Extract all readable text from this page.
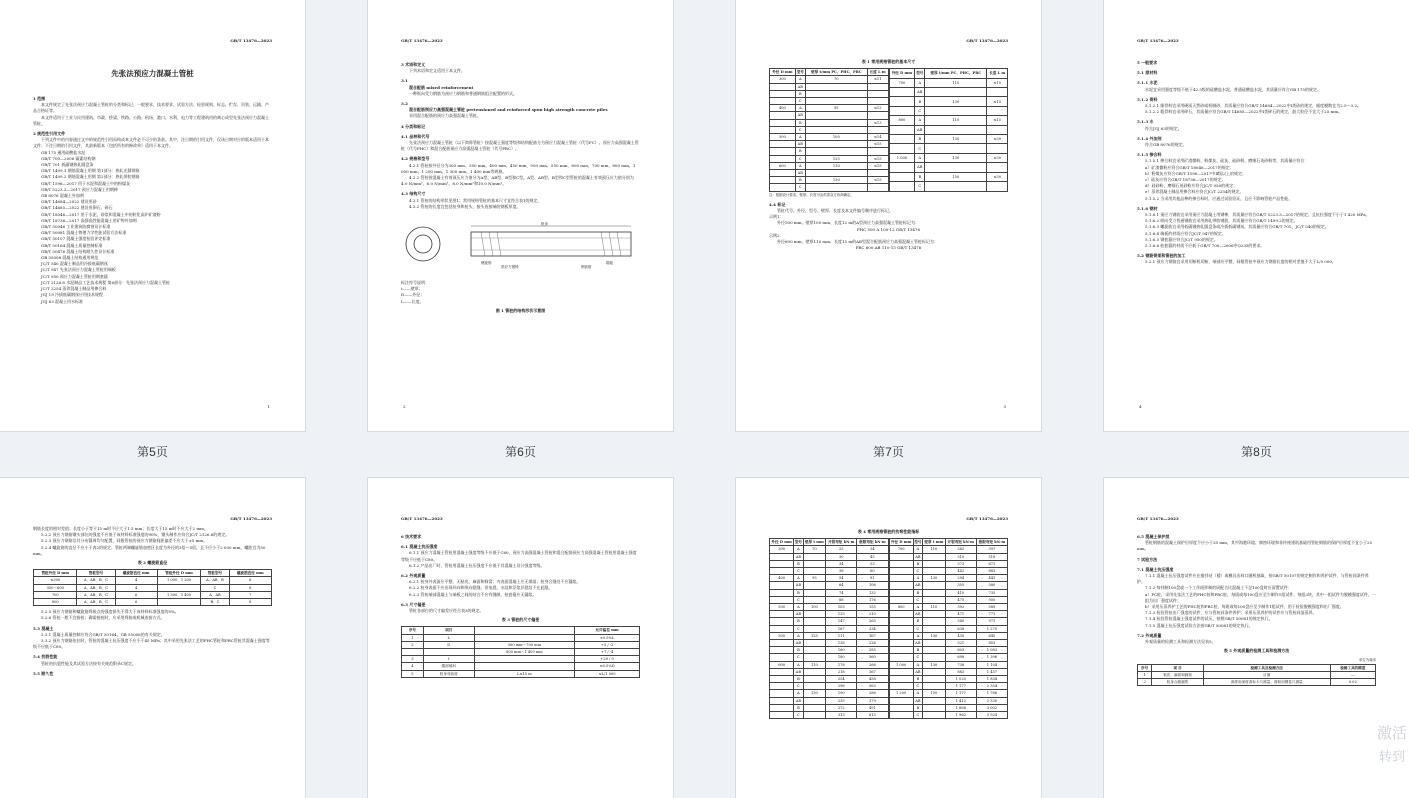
GB/T 13476—2023
先张法预应力混凝土管桩
1 范围
本文件规定了先张法预应力混凝土管桩的分类和标记、一般要求、技术要求、试验方法、检验规则、标志、贮存、吊装、运输、产品合格证等。
本文件适用于工业与民用建筑、市政、桥梁、铁路、公路、机场、港口、水利、电力等工程建筑用的离心成型先张法预应力混凝土管桩。
2 规范性引用文件
下列文件中的内容通过文中的规范性引用而构成本文件必不可少的条款。其中，注日期的引用文件，仅该日期对应的版本适用于本文件；不注日期的引用文件，其最新版本（包括所有的修改单）适用于本文件。
GB 175 通用硅酸盐水泥
GB/T 700—2006 碳素结构钢
GB/T 701 低碳钢热轧圆盘条
GB/T 1499.1 钢筋混凝土用钢 第1部分：热轧光圆钢筋
GB/T 1499.2 钢筋混凝土用钢 第2部分：热轧带肋钢筋
GB/T 1596—2017 用于水泥和混凝土中的粉煤灰
GB/T 5223.3—2017 预应力混凝土用钢棒
GB 8076 混凝土外加剂
GB/T 14684—2022 建设用砂
GB/T 14685—2022 建设用卵石、碎石
GB/T 18046—2017 用于水泥、砂浆和混凝土中的粒化高炉矿渣粉
GB/T 18736—2017 高强高性能混凝土用矿物外加剂
GB/T 50046 工业建筑防腐蚀设计标准
GB/T 50081 混凝土物理力学性能试验方法标准
GB/T 50107 混凝土强度检验评定标准
GB/T 50164 混凝土质量控制标准
GB/T 50476 混凝土结构耐久性设计标准
GB 55008 混凝土结构通用规范
JC/T 540 混凝土制品用冷拔低碳钢丝
JC/T 947 先张法预应力混凝土管桩用端板
JC/T 950 预应力混凝土管桩用钢套箍
JC/T 2126.6 水泥制品工艺技术规程 第6部分：先张法预应力混凝土管桩
JC/T 2254 蒸养混凝土制品用掺合料
JGJ 19 冷拔低碳钢丝应用技术规程
JGJ 63 混凝土用水标准
1
第5页
GB/T 13476—2023
3 术语和定义
下列术语和定义适用于本文件。
3.1
混合配筋 mixed reinforcement
一种纵向受力钢筋为预应力钢筋和普通钢筋组合配置的形式。
3.2
混合配筋预应力高强混凝土管桩 pretensioned and reinforced spun high strength concrete piles
采用混合配筋的预应力高强混凝土管桩。
4 分类和标记
4.1 品种和代号
先张法预应力混凝土管桩（以下简称管桩）按混凝土强度等级和结构配筋分为预应力混凝土管桩（代号PC）、预应力高强混凝土管桩（代号PHC）和混合配筋预应力高强混凝土管桩（代号PRC）。
4.2 规格和型号
4.2.1 管桩按外径分为300 mm、350 mm、400 mm、450 mm、500 mm、550 mm、600 mm、700 mm、800 mm、1 000 mm、1 200 mm、1 300 mm、1 400 mm等规格。
4.2.2 管桩按混凝土有效预压应力值分为A型、AB型、B型和C型。A型、AB型、B型和C型管桩的混凝土有效预压应力值分别为4.0 N/mm²、6.0 N/mm²、8.0 N/mm²和10.0 N/mm²。
4.3 结构尺寸
4.3.1 管桩的结构形状见图1；常用规格管桩的基本尺寸宜符合表1的规定。
4.3.2 管桩的长度宜包括桩身和桩头、接头连接端的钢板厚度。
桩身
端板
钢套箍
螺旋筋
预应力钢棒
标注符号说明：
t——壁厚；
D——外径；
L——长度。
图 1 管桩的结构形状示意图
2
第6页
GB/T 13476—2023
表 1 常用规格管桩的基本尺寸
外径 D mm	型号	壁厚 t/mm PC、PHC、PRC	长度 L m
300	A	70	≤11
	AB		
	B		
	C		
400	A	95	≤12
	AB		
	B		≤13
	C		
500	A	100	≤14
	AB		≤15
	B		
	C	125	≤15
600	A	110	≤15
	AB		
	B	130	≤15
	C		
外径 D mm	型号	壁厚 t/mm PC、PHC、PRC	长度 L m
700	A	110	≤15
	AB		
	B	130	≤15
	C		
800	A	110	≤15
	AB		
	B	130	≤30
	C		
1 000	A	130	≤30
	AB		
	B	150	≤30
	C		
注：根据设计要求，壁厚、长度可由供需双方协商确定。
4.4 标记
管桩代号、外径、型号、壁厚、长度及本文件编号顺序进行标记。
示例1：
外径500 mm、壁厚100 mm、长度12 m的A型预应力高强混凝土管桩标记为：
PHC 500 A 100-12 GB/T 13476
示例2：
外径600 mm、壁厚110 mm、长度15 m的AB型混合配筋预应力高强混凝土管桩标记为：
PRC 600 AB 110-15 GB/T 13476
3
第7页
GB/T 13476—2023
5 一般要求
5.1 原材料
5.1.1 水泥
水泥宜采用强度等级不低于42.5级的硅酸盐水泥、普通硅酸盐水泥，其质量应符合GB 175的规定。
5.1.2 骨料
5.1.2.1 细骨料宜采用硬质天然砂或机制砂，其质量应符合GB/T 14684—2022中Ⅰ类砂的规定，细度模数宜为2.5～3.2。
5.1.2.2 粗骨料宜采用碎石，其质量应符合GB/T 14685—2022中Ⅰ类碎石的规定，最大粒径不宜大于25 mm。
5.1.3 水
符合JGJ 63的规定。
5.1.4 外加剂
符合GB 8076的规定。
5.1.5 掺合料
5.1.5.1 掺合料宜采用矿渣微粉、粉煤灰、硅灰、硅砂粉、磨细石英砂粉等，其质量应符合：
a）矿渣微粉应符合GB/T 18046—2017的规定；
b）粉煤灰应符合GB/T 1596—2017中Ⅱ级以上的规定；
c）硅灰应符合GB/T 18736—2017的规定；
d）硅砂粉、磨细石英砂粉应符合JC/T 950的规定；
e）蒸养混凝土制品用掺合料应符合JC/T 2254的规定。
5.1.5.2 当采用其他品种的掺合料时，应通过试验验证，且应不影响管桩产品性能。
5.1.6 钢材
5.1.6.1 预应力钢筋宜采用预应力混凝土用钢棒，其质量应符合GB/T 5223.3—2017的规定，且抗拉强度不小于1 420 MPa。
5.1.6.2 纵向受力普通钢筋宜采用热轧带肋钢筋，其质量应符合GB/T 1499.2的规定。
5.1.6.3 螺旋筋宜采用低碳钢热轧圆盘条或冷拔低碳钢丝，其质量应符合GB/T 701、JC/T 540的规定。
5.1.6.4 端板的材质应符合JC/T 947的规定。
5.1.6.5 钢套箍应符合JC/T 950的规定。
5.1.6.6 桩套箍的材质不应低于GB/T 700—2006中Q235的要求。
5.2 钢筋骨架和管桩的加工
5.2.1 预应力钢筋宜采用切断机切断，端部应平整，同根管桩中预应力钢筋长度的相对差值不大于L/5 000。
4
第8页
GB/T 13476—2023
钢筋长度的相对差值；长度小于等于15 m时不应大于1.5 mm；长度大于15 m时不应大于2 mm。
5.2.2 预应力钢筋镦头部位的强度不应低于该材料标准强度的90%，镦头制作应符合JC/T 2126.6的规定。
5.2.3 预应力钢筋沿其分布圆周均匀配置，同根管桩的预应力钢筋间距偏差不应大于±5 mm。
5.2.4 螺旋筋的直径不应小于表2的规定。管桩两端螺旋筋加密区长度为外径的3倍～5倍，且不应小于2 000 mm，螺距宜为50 mm。
表 2 螺旋筋直径
管桩外径 D mm	管桩型号	螺旋筋直径 mm	管桩外径 D mm	管桩型号	螺旋筋直径 mm
≤300	A、AB、B、C	4	1 000、1 200	A、AB、B	6
350～600	A、AB、B、C	4		C	8
700	A、AB、B、C	6	1 300、1 400	A、AB	7
800	A、AB、B、C	6		B、C	8
5.2.5 预应力钢筋和螺旋筋焊接点的强度损失不得大于该材料标准强度的5%。
5.2.6 管桩一般不宜接桩；确需接桩时，应采用焊接或机械连接方式。
5.3 混凝土
5.3.1 混凝土质量控制应符合GB/T 50164、GB 55008的有关规定。
5.3.2 预应力钢筋张拉时，管桩的混凝土抗压强度不应小于45 MPa；其中采用先张法工艺的PHC管桩和PRC管桩其混凝土强度等级不应低于C80。
5.4 抗裂性能
管桩的抗裂性能及其试验方法按有关规范附录C规定。
5.5 耐久性
GB/T 13476—2023
6 技术要求
6.1 混凝土抗压强度
6.1.1 预应力混凝土管桩用混凝土强度等级不应低于C60，预应力高强混凝土管桩和混合配筋预应力高强混凝土管桩用混凝土强度等级不应低于C80。
6.1.2 产品出厂时，管桩用混凝土抗压强度不应低于其混凝土设计强度等级。
6.2 外观质量
6.2.1 桩身外表面应平整、无粘皮、麻面和蜂窝；内表面混凝土应无塌落；桩身合缝处不应漏浆。
6.2.2 桩身表面不应出现环向和纵向裂缝，但龟裂、水纹和浮浆层裂纹不在此限。
6.2.3 管桩端部混凝土与端板之间的结合不应有缝隙，桩套箍应无漏浆。
6.3 尺寸偏差
管桩各部位的尺寸偏差应符合表3的规定。
表 3 管桩的尺寸偏差
序号	项目		允许偏差 mm
1	L		±0.5%L
2	D	300 mm～700 mm	+5 / -2
		800 mm～1 400 mm	+7 / -4
3	t		+20 / 0
4	端部倾斜		≤0.5%D
5	桩身弯曲度	L≤15 m	≤L/1 000
GB/T 13476—2023
表 4 常用规格管桩的抗弯性能指标
外径 D mm	型号	壁厚 t mm	开裂弯矩 kN·m	极限弯矩 kN·m
300	A	70	25	34
	AB		30	45
	B		34	53
	C		38	60
400	A	95	54	81
	AB		64	106
	B		74	132
	C		88	176
500	A	100	103	155
	AB		125	210
	B		147	265
	C		167	334
500	A	125	111	167
	AB		136	226
	B		160	285
	C		180	360
600	A	110	178	266
	AB		218	367
	B		254	458
	C		296	563
	A	130	190	286
	AB		235	379
	B		272	491
	C		313	615
外径 D mm	型号	壁厚 t mm	开裂弯矩 kN·m	极限弯矩 kN·m
700	A	110	262	397
	AB		310	518
	B		373	671
	C		442	883
	A	130	294	441
	AB		355	580
	B		410	735
	C		475	950
800	A	110	392	589
	AB		471	771
	B		540	971
	C		638	1 275
	A	130	430	645
	AB		521	853
	B		603	1 083
	C		698	1 396
1 000	A	130	738	1 104
	AB		883	1 457
	B		1 020	1 834
	C		1 177	2 354
1 200	A	150	1 177	1 766
	AB		1 412	2 330
	B		1 668	3 002
	C		1 962	3 924
GB/T 13476—2023
6.5 混凝土保护层
管桩钢筋的混凝土保护层厚度不应小于35 mm，其中海港环境、腐蚀环境和非传统建筑基础用管桩钢筋的保护层厚度不宜小于25 mm。
7 试验方法
7.1 混凝土抗压强度
7.1.1 混凝土抗压强度试件应在搅拌站（楼）或模具出料口随机抽取，按GB/T 50107的规定制作和养护试件，与管桩同条件养护。
7.1.2 每拌制100盘或一个工作班拌制的同配合比混凝土不足100盘时应留置试件：
a）PC桩，采用先张法工艺的PHC桩和PRC桩，每班或每100盘应至少制作1组试件，每组3块，其中一组试件为脱模强度试件，一组为出厂强度试件；
b）采用压蒸养护工艺的PHC桩和PRC桩，每班或每100盘应至少制作1组试件，用于检验脱模强度和出厂强度。
7.1.3 检验管桩出厂强度的试件，应与管桩同条件养护；采用压蒸养护的试件应与管桩同釜蒸养。
7.1.4 检验管桩混凝土强度试件的试压，按照GB/T 50081的规定执行。
7.1.5 混凝土抗压强度试验方法按GB/T 50081的规定执行。
7.2 外观质量
外观质量的检测工具和检测方法见表5。
表 5 外观质量的检测工具和检测方法
单位为毫米
序号	项 目	检测工具及检测方法	检测工具的精度
1	粘皮、麻面和蜂窝	目测	—
2	桩身合缝漏浆	深度用深度游标卡尺测量；面积用钢卷尺测量	0.02
激活
转到
